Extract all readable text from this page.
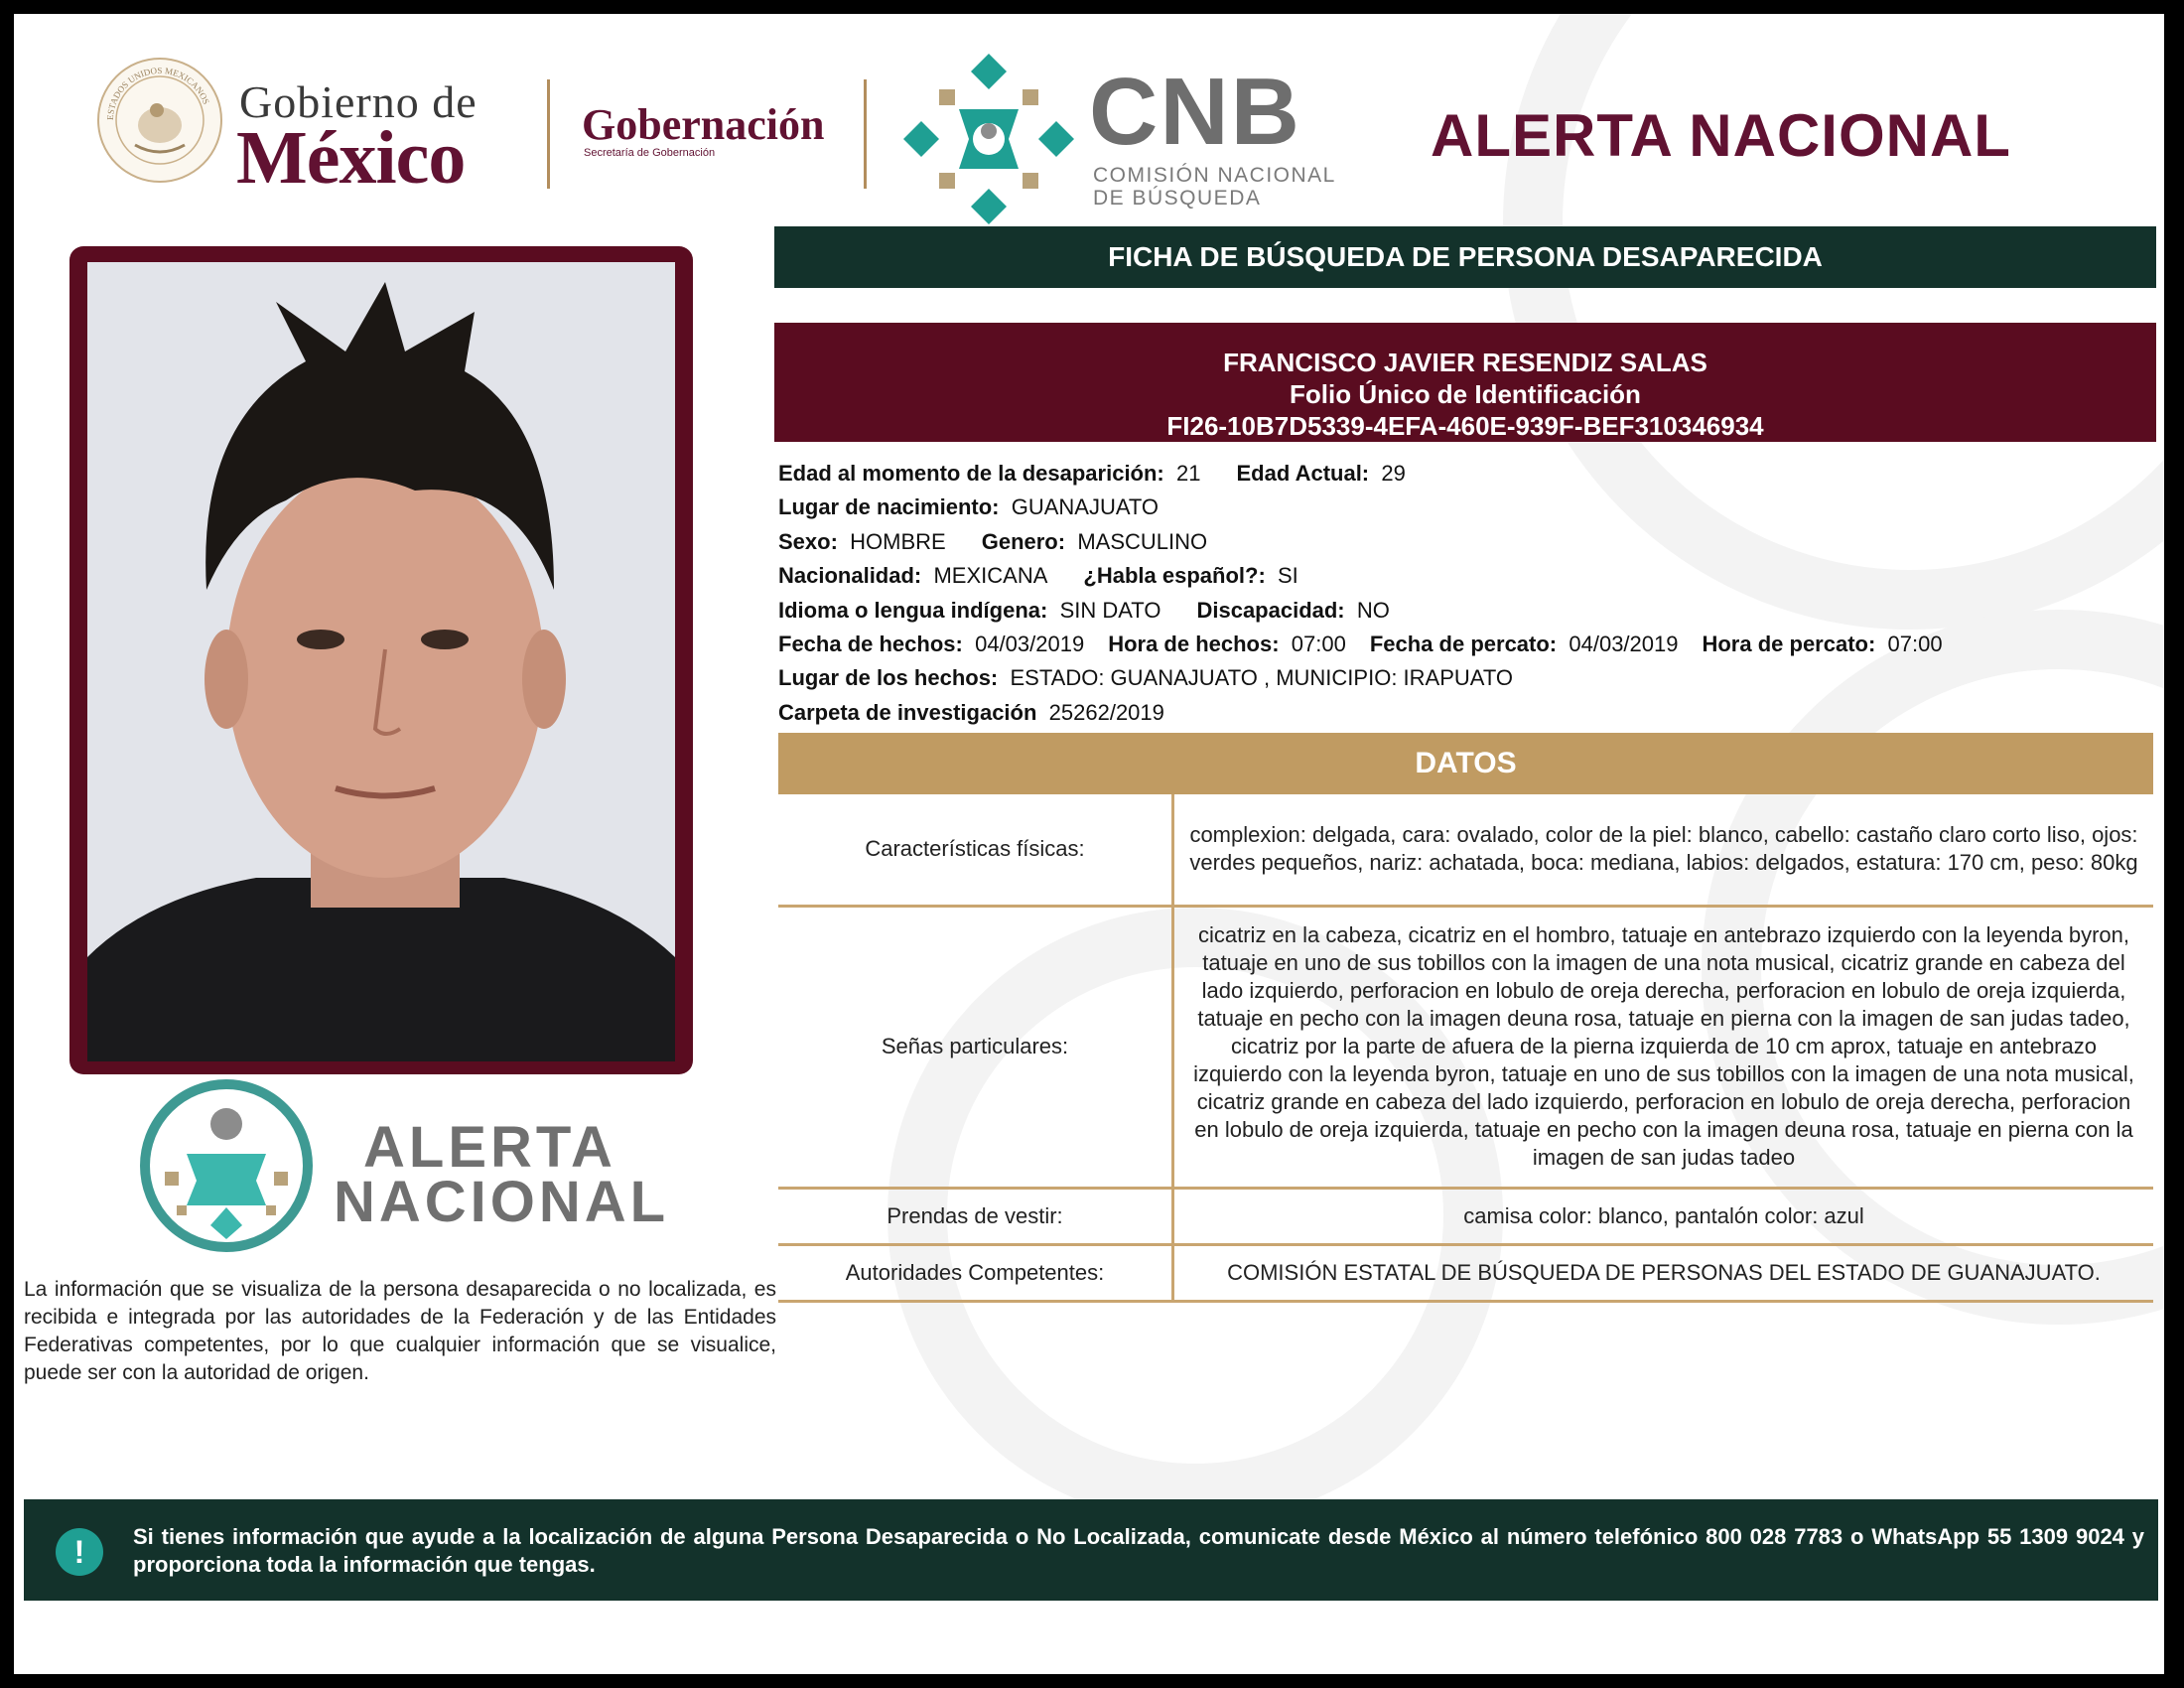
ESTADOS UNIDOS MEXICANOS Gobierno de
México	Gobernación
Secretaría de Gobernación	CNB
COMISIÓN NACIONAL
DE BÚSQUEDA
ALERTA NACIONAL
ALERTA
NACIONAL
La información que se visualiza de la persona desaparecida o no localizada, es recibida e integrada por las autoridades de la Federación y de las Entidades Federativas competentes, por lo que cualquier información que se visualice, puede ser con la autoridad de origen.
FICHA DE BÚSQUEDA DE PERSONA DESAPARECIDA
FRANCISCO JAVIER RESENDIZ SALAS
Folio Único de Identificación
FI26-10B7D5339-4EFA-460E-939F-BEF310346934
Edad al momento de la desaparición: 21 Edad Actual: 29
Lugar de nacimiento: GUANAJUATO
Sexo: HOMBRE Genero: MASCULINO
Nacionalidad: MEXICANA ¿Habla español?: SI
Idioma o lengua indígena: SIN DATO Discapacidad: NO
Fecha de hechos: 04/03/2019 Hora de hechos: 07:00 Fecha de percato: 04/03/2019 Hora de percato: 07:00
Lugar de los hechos: ESTADO: GUANAJUATO , MUNICIPIO: IRAPUATO
Carpeta de investigación 25262/2019
DATOS
Características físicas:	complexion: delgada, cara: ovalado, color de la piel: blanco, cabello: castaño claro corto liso, ojos: verdes pequeños, nariz: achatada, boca: mediana, labios: delgados, estatura: 170 cm, peso: 80kg
Señas particulares:	cicatriz en la cabeza, cicatriz en el hombro, tatuaje en antebrazo izquierdo con la leyenda byron, tatuaje en uno de sus tobillos con la imagen de una nota musical, cicatriz grande en cabeza del lado izquierdo, perforacion en lobulo de oreja derecha, perforacion en lobulo de oreja izquierda, tatuaje en pecho con la imagen deuna rosa, tatuaje en pierna con la imagen de san judas tadeo, cicatriz por la parte de afuera de la pierna izquierda de 10 cm aprox, tatuaje en antebrazo izquierdo con la leyenda byron, tatuaje en uno de sus tobillos con la imagen de una nota musical, cicatriz grande en cabeza del lado izquierdo, perforacion en lobulo de oreja derecha, perforacion en lobulo de oreja izquierda, tatuaje en pecho con la imagen deuna rosa, tatuaje en pierna con la imagen de san judas tadeo
Prendas de vestir:	camisa color: blanco, pantalón color: azul
Autoridades Competentes:	COMISIÓN ESTATAL DE BÚSQUEDA DE PERSONAS DEL ESTADO DE GUANAJUATO.
!	Si tienes información que ayude a la localización de alguna Persona Desaparecida o No Localizada, comunicate desde México al número telefónico 800 028 7783 o WhatsApp 55 1309 9024 y proporciona toda la información que tengas.
